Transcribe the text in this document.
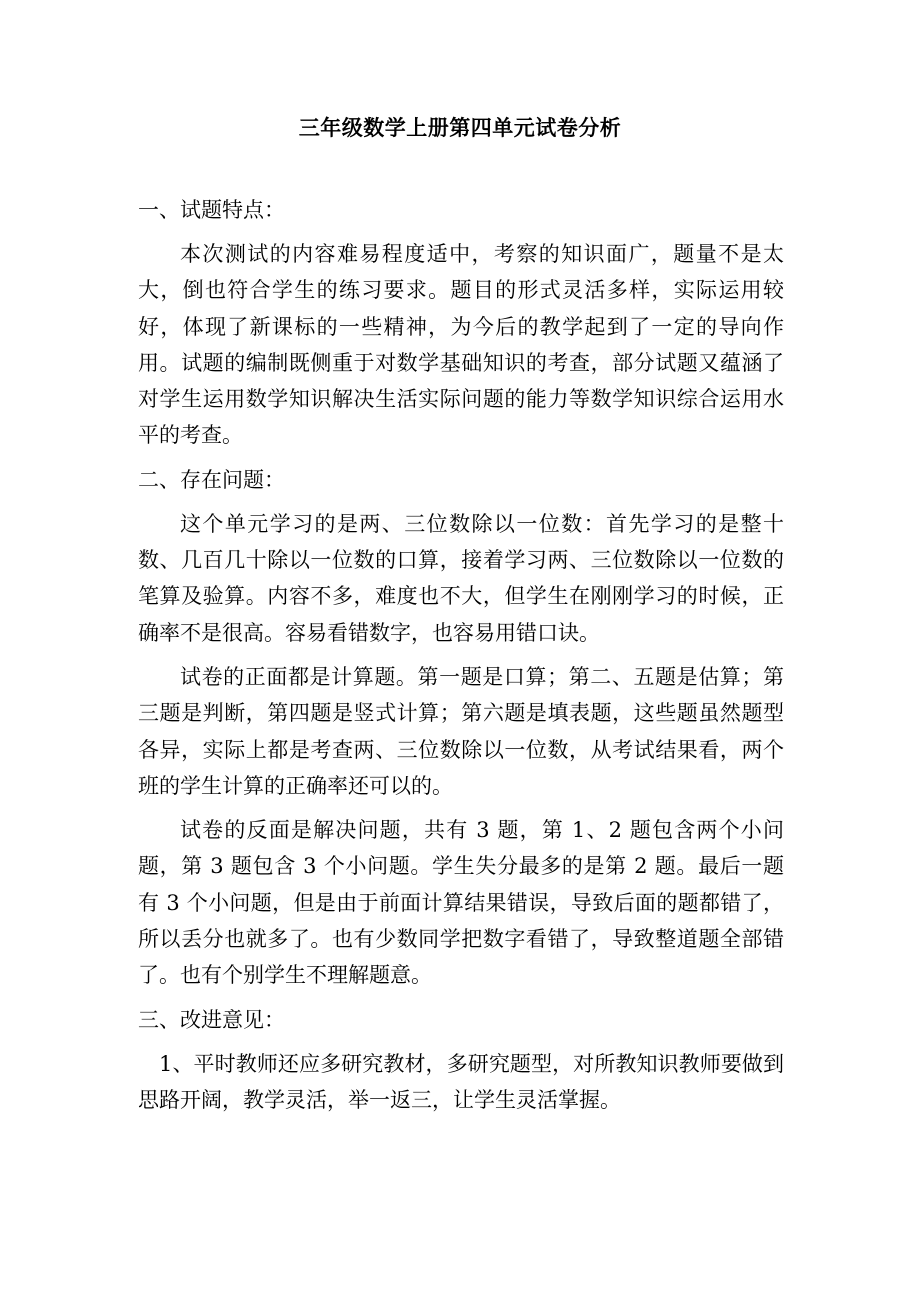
三年级数学上册第四单元试卷分析
一、试题特点：

本次测试的内容难易程度适中，考察的知识面广，题量不是太大，倒也符合学生的练习要求。题目的形式灵活多样，实际运用较好，体现了新课标的一些精神，为今后的教学起到了一定的导向作用。试题的编制既侧重于对数学基础知识的考查，部分试题又蕴涵了对学生运用数学知识解决生活实际问题的能力等数学知识综合运用水平的考查。

二、存在问题：

这个单元学习的是两、三位数除以一位数：首先学习的是整十数、几百几十除以一位数的口算，接着学习两、三位数除以一位数的笔算及验算。内容不多，难度也不大，但学生在刚刚学习的时候，正确率不是很高。容易看错数字，也容易用错口诀。

试卷的正面都是计算题。第一题是口算；第二、五题是估算；第三题是判断，第四题是竖式计算；第六题是填表题，这些题虽然题型各异，实际上都是考查两、三位数除以一位数，从考试结果看，两个班的学生计算的正确率还可以的。

试卷的反面是解决问题，共有 3 题，第 1、2 题包含两个小问题，第 3 题包含 3 个小问题。学生失分最多的是第 2 题。最后一题有 3 个小问题，但是由于前面计算结果错误，导致后面的题都错了，所以丢分也就多了。也有少数同学把数字看错了，导致整道题全部错了。也有个别学生不理解题意。

三、改进意见：

1、平时教师还应多研究教材，多研究题型，对所教知识教师要做到思路开阔，教学灵活，举一返三，让学生灵活掌握。
